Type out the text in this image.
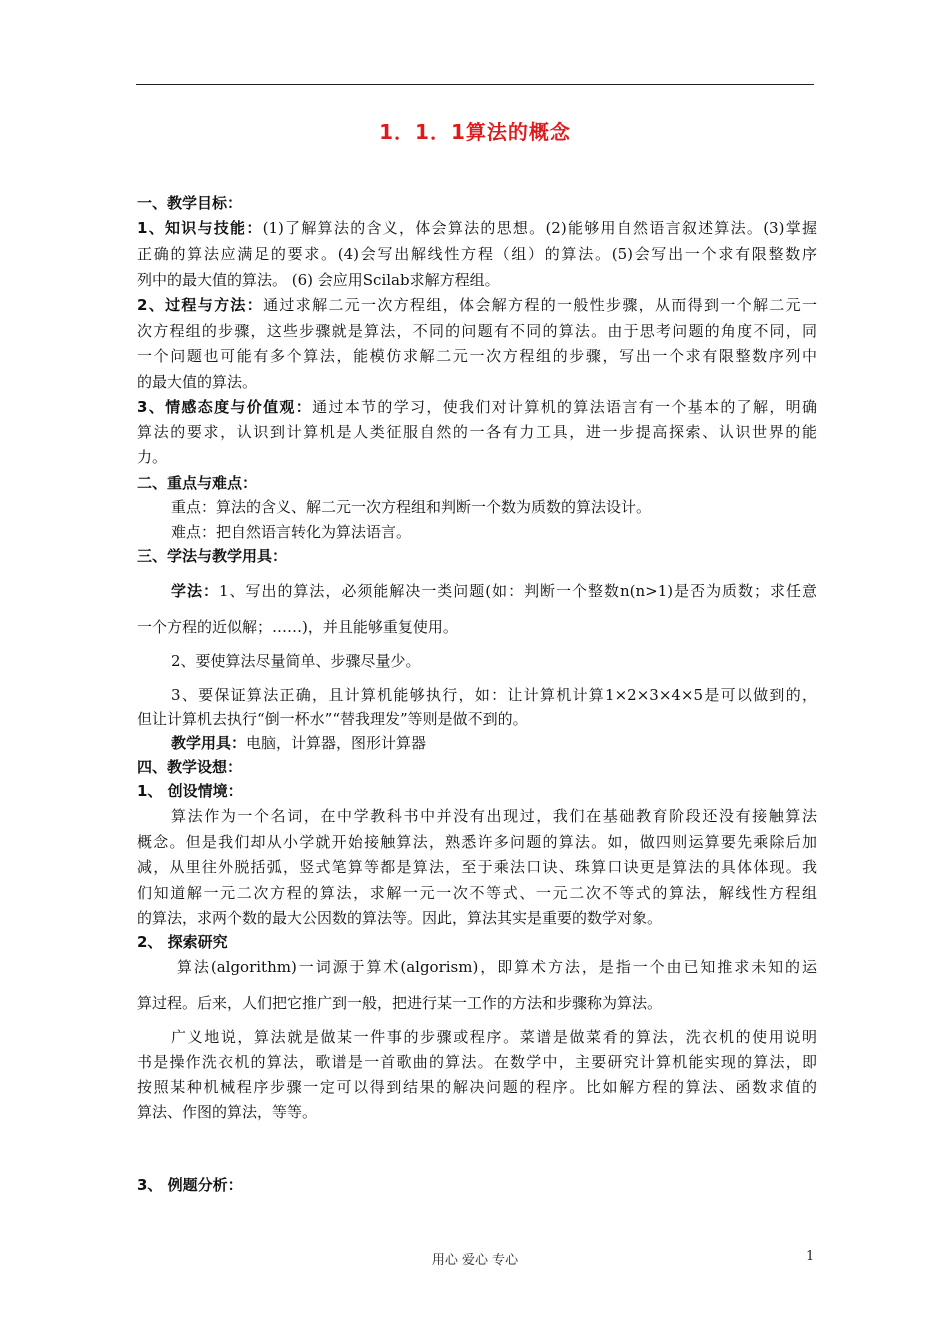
1．1．1算法的概念
一、教学目标：
1、知识与技能：(1)了解算法的含义，体会算法的思想。(2)能够用自然语言叙述算法。(3)掌握
正确的算法应满足的要求。(4)会写出解线性方程（组）的算法。(5)会写出一个求有限整数序
列中的最大值的算法。 (6) 会应用Scilab求解方程组。
2、过程与方法：通过求解二元一次方程组，体会解方程的一般性步骤，从而得到一个解二元一
次方程组的步骤，这些步骤就是算法，不同的问题有不同的算法。由于思考问题的角度不同，同
一个问题也可能有多个算法，能模仿求解二元一次方程组的步骤，写出一个求有限整数序列中
的最大值的算法。
3、情感态度与价值观：通过本节的学习，使我们对计算机的算法语言有一个基本的了解，明确
算法的要求，认识到计算机是人类征服自然的一各有力工具，进一步提高探索、认识世界的能
力。
二、重点与难点：
重点：算法的含义、解二元一次方程组和判断一个数为质数的算法设计。
难点：把自然语言转化为算法语言。
三、学法与教学用具：
学法：1、写出的算法，必须能解决一类问题(如：判断一个整数n(n>1)是否为质数；求任意
一个方程的近似解；……)，并且能够重复使用。
2、要使算法尽量简单、步骤尽量少。
3、要保证算法正确，且计算机能够执行，如：让计算机计算1×2×3×4×5是可以做到的，
但让计算机去执行“倒一杯水”“替我理发”等则是做不到的。
教学用具：电脑，计算器，图形计算器
四、教学设想：
1、 创设情境：
算法作为一个名词，在中学教科书中并没有出现过，我们在基础教育阶段还没有接触算法
概念。但是我们却从小学就开始接触算法，熟悉许多问题的算法。如，做四则运算要先乘除后加
减，从里往外脱括弧，竖式笔算等都是算法，至于乘法口诀、珠算口诀更是算法的具体体现。我
们知道解一元二次方程的算法，求解一元一次不等式、一元二次不等式的算法，解线性方程组
的算法，求两个数的最大公因数的算法等。因此，算法其实是重要的数学对象。
2、 探索研究
算法(algorithm)一词源于算术(algorism)，即算术方法，是指一个由已知推求未知的运
算过程。后来，人们把它推广到一般，把进行某一工作的方法和步骤称为算法。
广义地说，算法就是做某一件事的步骤或程序。菜谱是做菜肴的算法，洗衣机的使用说明
书是操作洗衣机的算法，歌谱是一首歌曲的算法。在数学中，主要研究计算机能实现的算法，即
按照某种机械程序步骤一定可以得到结果的解决问题的程序。比如解方程的算法、函数求值的
算法、作图的算法，等等。
3、 例题分析：
用心 爱心 专心	1
